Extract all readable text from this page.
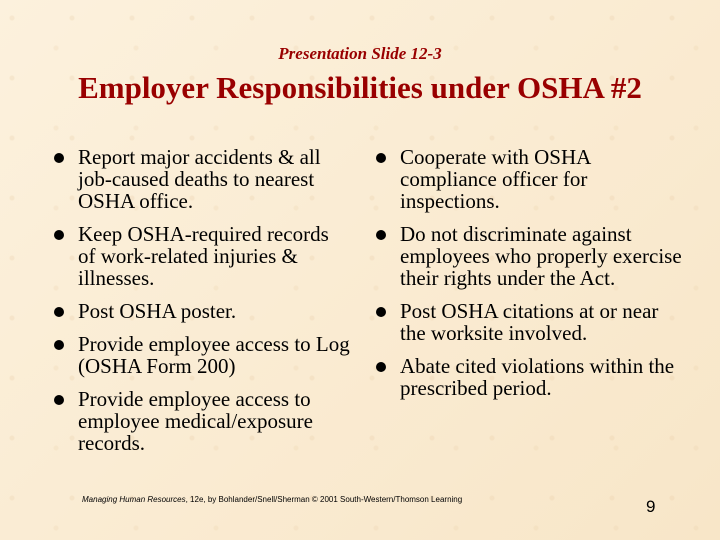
Presentation Slide 12-3
Employer Responsibilities under OSHA #2
Report major accidents & all job-caused deaths to nearest OSHA office.
Keep OSHA-required records of work-related injuries & illnesses.
Post OSHA poster.
Provide employee access to Log (OSHA Form 200)
Provide employee access to employee medical/exposure records.
Cooperate with OSHA compliance officer for inspections.
Do not discriminate against employees who properly exercise their rights under the Act.
Post OSHA citations at or near the worksite involved.
Abate cited violations within the prescribed period.
Managing Human Resources, 12e, by Bohlander/Snell/Sherman © 2001 South-Western/Thomson Learning	9
